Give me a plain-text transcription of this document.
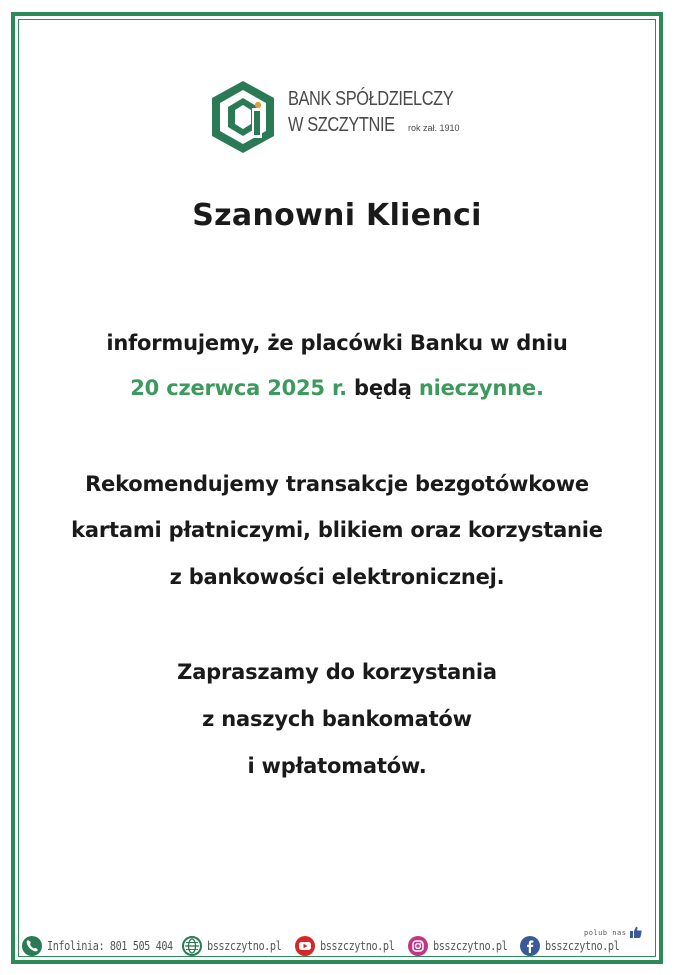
BANK SPÓŁDZIELCZY
W SZCZYTNIE rok zał. 1910
Szanowni Klienci
informujemy, że placówki Banku w dniu
20 czerwca 2025 r. będą nieczynne.
Rekomendujemy transakcje bezgotówkowe
kartami płatniczymi, blikiem oraz korzystanie
z bankowości elektronicznej.
Zapraszamy do korzystania
z naszych bankomatów
i wpłatomatów.
polub nas
Infolinia: 801 505 404	bsszczytno.pl	bsszczytno.pl	bsszczytno.pl	bsszczytno.pl
